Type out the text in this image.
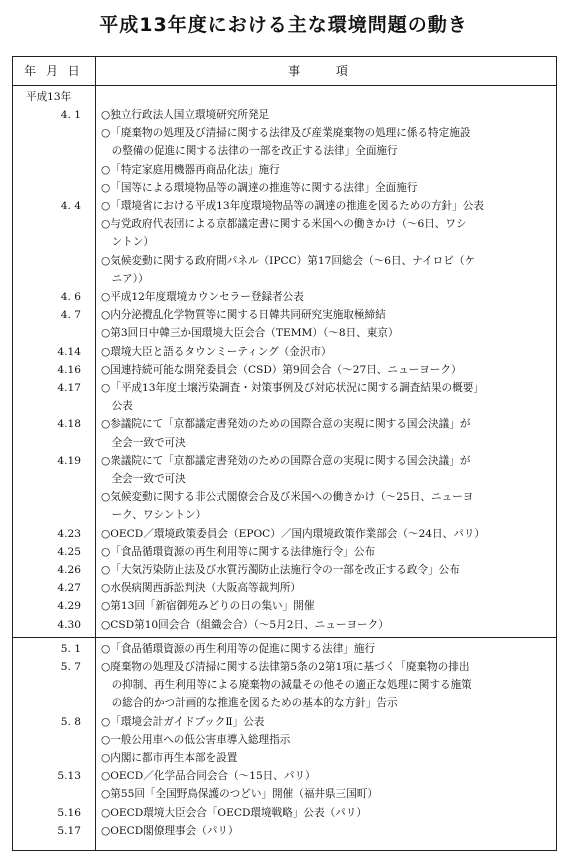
平成13年度における主な環境問題の動き
年 月 日	事 項
平成13年
4. 1 ○独立行政法人国立環境研究所発足
○「廃棄物の処理及び清掃に関する法律及び産業廃棄物の処理に係る特定施設
　の整備の促進に関する法律の一部を改正する法律」全面施行
○「特定家庭用機器再商品化法」施行
○「国等による環境物品等の調達の推進等に関する法律」全面施行
4. 4 ○「環境省における平成13年度環境物品等の調達の推進を図るための方針」公表
○与党政府代表団による京都議定書に関する米国への働きかけ（～6日、ワシ
　ントン）
○気候変動に関する政府間パネル（IPCC）第17回総会（～6日、ナイロビ（ケ
　ニア））
4. 6 ○平成12年度環境カウンセラー登録者公表
4. 7 ○内分泌攪乱化学物質等に関する日韓共同研究実施取極締結
○第3回日中韓三か国環境大臣会合（TEMM）（～8日、東京）
4.14 ○環境大臣と語るタウンミーティング（金沢市）
4.16 ○国連持続可能な開発委員会（CSD）第9回会合（～27日、ニューヨーク）
4.17 ○「平成13年度土壌汚染調査・対策事例及び対応状況に関する調査結果の概要」
　公表
4.18 ○参議院にて「京都議定書発効のための国際合意の実現に関する国会決議」が
　全会一致で可決
4.19 ○衆議院にて「京都議定書発効のための国際合意の実現に関する国会決議」が
　全会一致で可決
○気候変動に関する非公式閣僚会合及び米国への働きかけ（～25日、ニューヨ
　ーク、ワシントン）
4.23 ○OECD／環境政策委員会（EPOC）／国内環境政策作業部会（～24日、パリ）
4.25 ○「食品循環資源の再生利用等に関する法律施行令」公布
4.26 ○「大気汚染防止法及び水質汚濁防止法施行令の一部を改正する政令」公布
4.27 ○水俣病関西訴訟判決（大阪高等裁判所）
4.29 ○第13回「新宿御苑みどりの日の集い」開催
4.30 ○CSD第10回会合（組織会合）（～5月2日、ニューヨーク）
5. 1 ○「食品循環資源の再生利用等の促進に関する法律」施行
5. 7 ○廃棄物の処理及び清掃に関する法律第5条の2第1項に基づく「廃棄物の排出
　の抑制、再生利用等による廃棄物の減量その他その適正な処理に関する施策
　の総合的かつ計画的な推進を図るための基本的な方針」告示
5. 8 ○「環境会計ガイドブックⅡ」公表
○一般公用車への低公害車導入総理指示
○内閣に都市再生本部を設置
5.13 ○OECD／化学品合同会合（～15日、パリ）
○第55回「全国野鳥保護のつどい」開催（福井県三国町）
5.16 ○OECD環境大臣会合「OECD環境戦略」公表（パリ）
5.17 ○OECD閣僚理事会（パリ）
